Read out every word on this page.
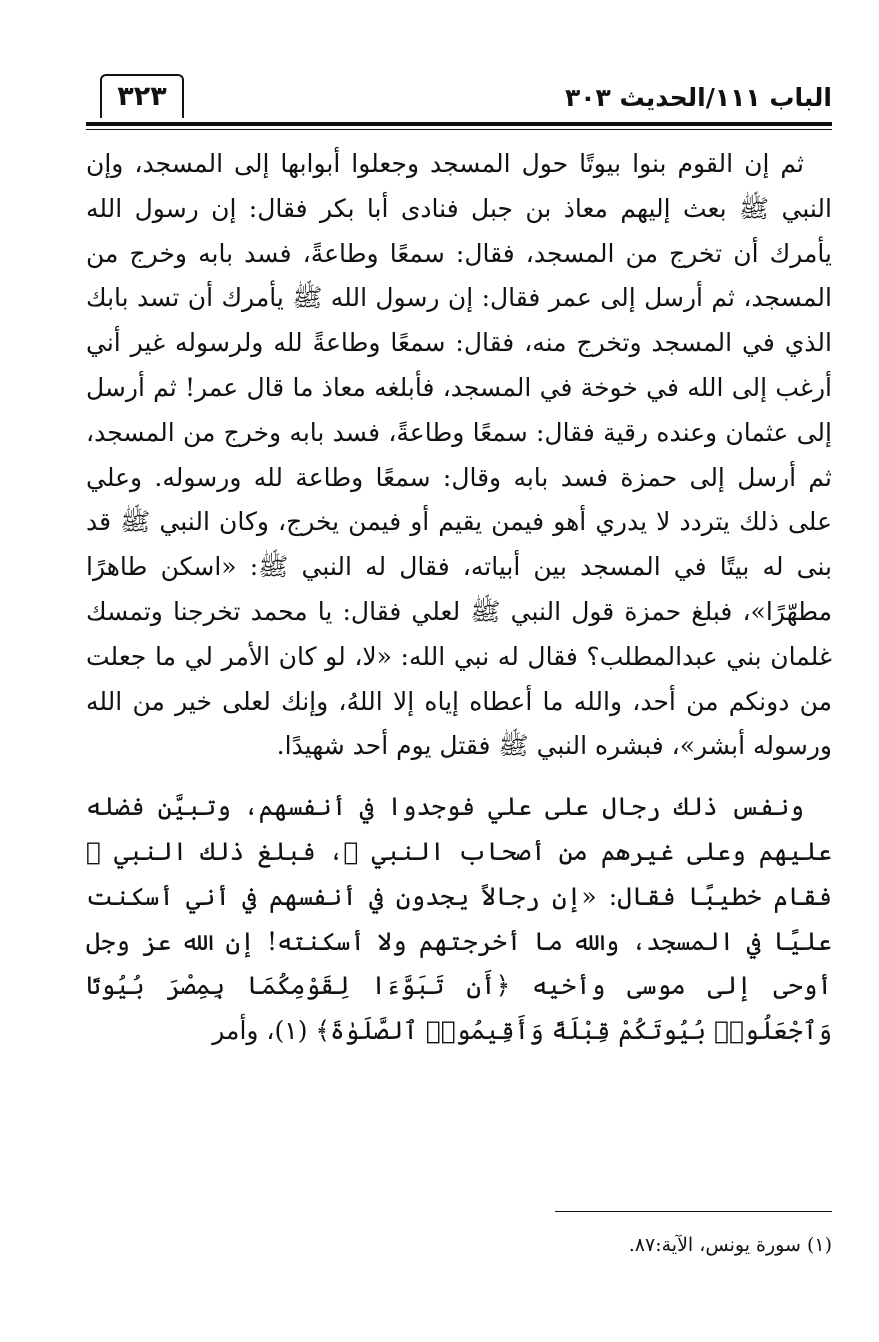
الباب ١١١/الحديث ٣٠٣
٣٢٣

ثم إن القوم بنوا بيوتًا حول المسجد وجعلوا أبوابها إلى المسجد، وإن النبي ﷺ بعث إليهم معاذ بن جبل فنادى أبا بكر فقال: إن رسول الله يأمرك أن تخرج من المسجد، فقال: سمعًا وطاعةً، فسد بابه وخرج من المسجد، ثم أرسل إلى عمر فقال: إن رسول الله ﷺ يأمرك أن تسد بابك الذي في المسجد وتخرج منه، فقال: سمعًا وطاعةً لله ولرسوله غير أني أرغب إلى الله في خوخة في المسجد، فأبلغه معاذ ما قال عمر! ثم أرسل إلى عثمان وعنده رقية فقال: سمعًا وطاعةً، فسد بابه وخرج من المسجد، ثم أرسل إلى حمزة فسد بابه وقال: سمعًا وطاعة لله ورسوله. وعلي على ذلك يتردد لا يدري أهو فيمن يقيم أو فيمن يخرج، وكان النبي ﷺ قد بنى له بيتًا في المسجد بين أبياته، فقال له النبي ﷺ: «اسكن طاهرًا مطهّرًا»، فبلغ حمزة قول النبي ﷺ لعلي فقال: يا محمد تخرجنا وتمسك غلمان بني عبدالمطلب؟ فقال له نبي الله: «لا، لو كان الأمر لي ما جعلت من دونكم من أحد، والله ما أعطاه إياه إلا اللهُ، وإنك لعلى خير من الله ورسوله أبشر»، فبشره النبي ﷺ فقتل يوم أحد شهيدًا.

ونفس ذلك رجال على علي فوجدوا في أنفسهم، وتبيَّن فضله عليهم وعلى غيرهم من أصحاب النبي ﷺ، فبلغ ذلك النبي ﷺ فقام خطيبًا فقال: «إن رجالاً يجدون في أنفسهم في أني أسكنت عليًا في المسجد، والله ما أخرجتهم ولا أسكنته! إن الله عز وجل أوحى إلى موسى وأخيه ﴿أَن تَبَوَّءَا لِقَوْمِكُمَا بِمِصْرَ بُيُوتًا وَٱجْعَلُوا۟ بُيُوتَكُمْ قِبْلَةً وَأَقِيمُوا۟ ٱلصَّلَوٰةَ﴾ (١)، وأمر

(١) سورة يونس، الآية:٨٧.
